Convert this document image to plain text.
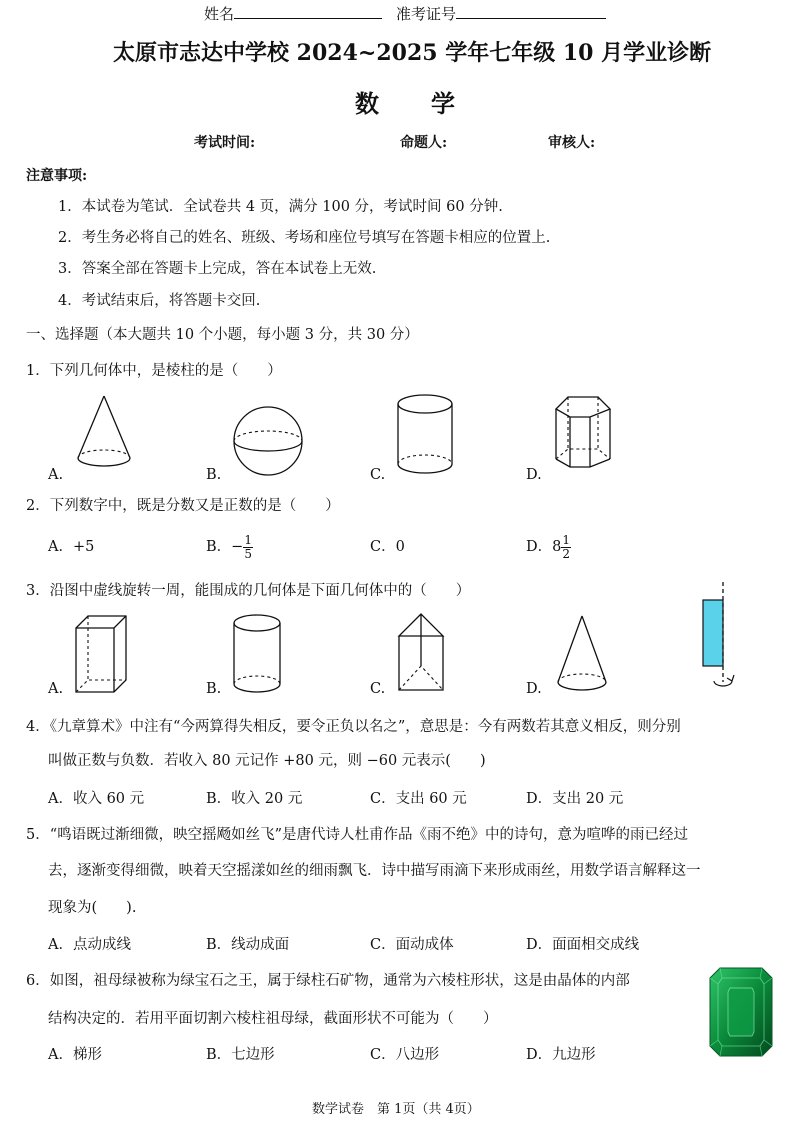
姓名	准考证号
太原市志达中学校 2024~2025 学年七年级 10 月学业诊断
数　学
考试时间:	命题人:	审核人:
注意事项:
1．本试卷为笔试．全试卷共 4 页，满分 100 分，考试时间 60 分钟.
2．考生务必将自己的姓名、班级、考场和座位号填写在答题卡相应的位置上.
3．答案全部在答题卡上完成，答在本试卷上无效.
4．考试结束后，将答题卡交回.
一、选择题（本大题共 10 个小题，每小题 3 分，共 30 分）
1．下列几何体中，是棱柱的是（　　）
A.	B.	C.	D.
2．下列数字中，既是分数又是正数的是（　　）
A．+5	B．− $\frac{1}{5}$	C．0	D．$8 \frac{1}{2}$
3．沿图中虚线旋转一周，能围成的几何体是下面几何体中的（　　）
A.	B.	C.	D.
4．《九章算术》中注有“今两算得失相反，要令正负以名之”，意思是：今有两数若其意义相反，则分别
叫做正数与负数．若收入 80 元记作 +80 元，则 −60 元表示(　　)
A．收入 60 元	B．收入 20 元	C．支出 60 元	D．支出 20 元
5．“鸣语既过渐细微，映空摇飏如丝飞”是唐代诗人杜甫作品《雨不绝》中的诗句，意为喧哗的雨已经过
去，逐渐变得细微，映着天空摇漾如丝的细雨飘飞．诗中描写雨滴下来形成雨丝，用数学语言解释这一
现象为(　　).
A．点动成线	B．线动成面	C．面动成体	D．面面相交成线
6．如图，祖母绿被称为绿宝石之王，属于绿柱石矿物，通常为六棱柱形状，这是由晶体的内部
结构决定的．若用平面切割六棱柱祖母绿，截面形状不可能为（　　）
A．梯形	B．七边形	C．八边形	D．九边形
数学试卷　第 1页（共 4页）
